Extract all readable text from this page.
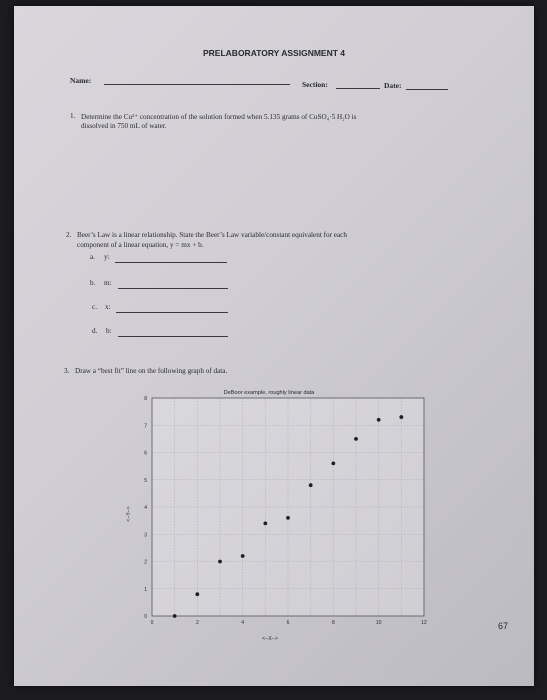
PRELABORATORY ASSIGNMENT 4
Name:	Section:	Date:
1. Determine the Cu²⁺ concentration of the solution formed when 5.135 grams of CuSO₄·5 H₂O is
dissolved in 750 mL of water.
2. Beer’s Law is a linear relationship. State the Beer’s Law variable/constant equivalent for each
component of a linear equation, y = mx + b.
a. y:
b. m:
c. x:
d. b:
3. Draw a “best fit” line on the following graph of data.
DeBoor example, roughly linear data
0	2	4	6	8	10	12
0
1
2
3
4
5
6
7
8
<--X-->
<--Y-->
67
